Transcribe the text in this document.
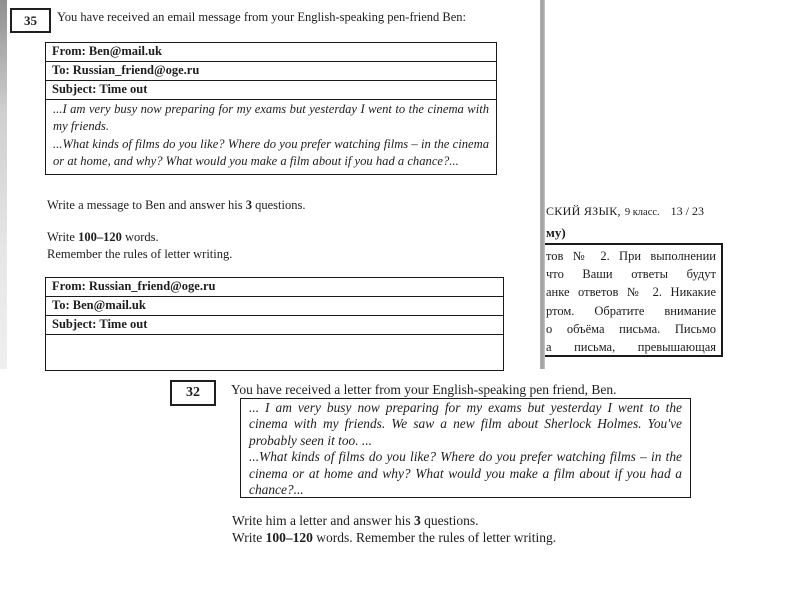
35 You have received an email message from your English-speaking pen-friend Ben:
From: Ben@mail.uk
To: Russian_friend@oge.ru
Subject: Time out

...I am very busy now preparing for my exams but yesterday I went to the cinema with my friends.

...What kinds of films do you like? Where do you prefer watching films – in the cinema or at home, and why? What would you make a film about if you had a chance?...

Write a message to Ben and answer his 3 questions.
Write 100–120 words.
Remember the rules of letter writing.
From: Russian_friend@oge.ru
To: Ben@mail.uk
Subject: Time out
СКИЙ ЯЗЫК, 9 класс. 13 / 23
му)
тов № 2. При выполнении
что Ваши ответы будут
анке ответов № 2. Никакие
ртом. Обратите внимание
о объёма письма. Письмо
а письма, превышающая
32 You have received a letter from your English-speaking pen friend, Ben.

... I am very busy now preparing for my exams but yesterday I went to the cinema with my friends. We saw a new film about Sherlock Holmes. You've probably seen it too. ...

...What kinds of films do you like? Where do you prefer watching films – in the cinema or at home and why? What would you make a film about if you had a chance?...

Write him a letter and answer his 3 questions.
Write 100–120 words. Remember the rules of letter writing.
